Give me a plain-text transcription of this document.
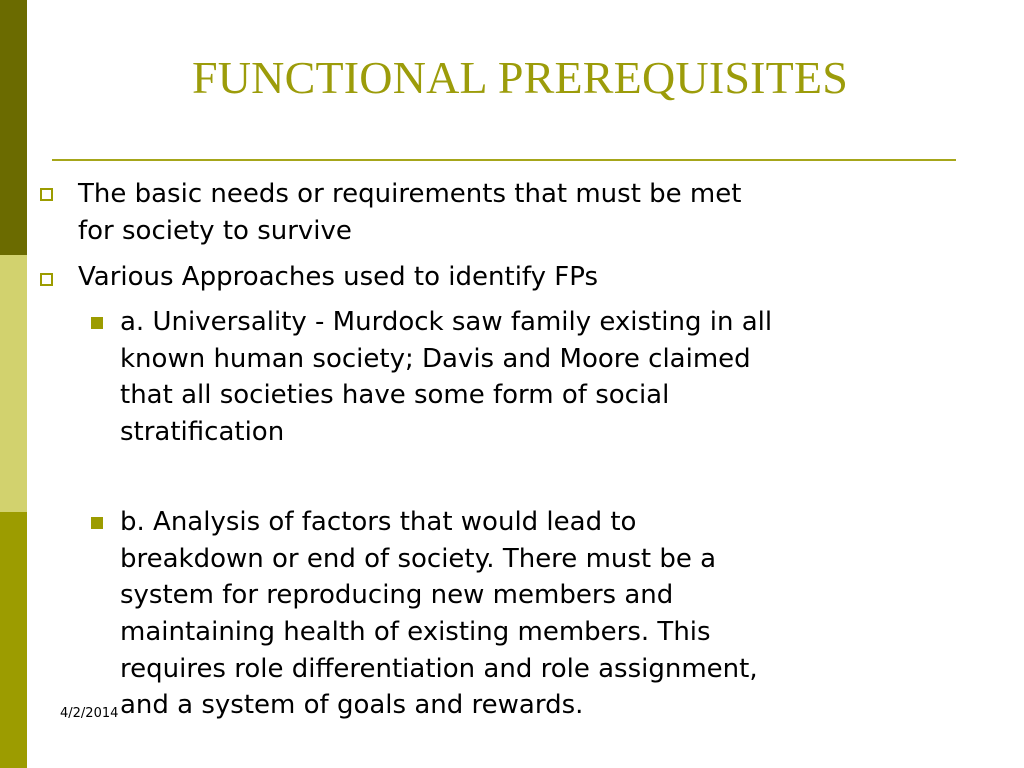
FUNCTIONAL PREREQUISITES
The basic needs or requirements that must be met
for society to survive
Various Approaches used to identify FPs
a. Universality - Murdock saw family existing in all
known human society; Davis and Moore claimed
that all societies have some form of social
stratification
b. Analysis of factors that would lead to
breakdown or end of society. There must be a
system for reproducing new members and
maintaining health of existing members. This
requires role differentiation and role assignment,
and a system of goals and rewards.
4/2/2014
